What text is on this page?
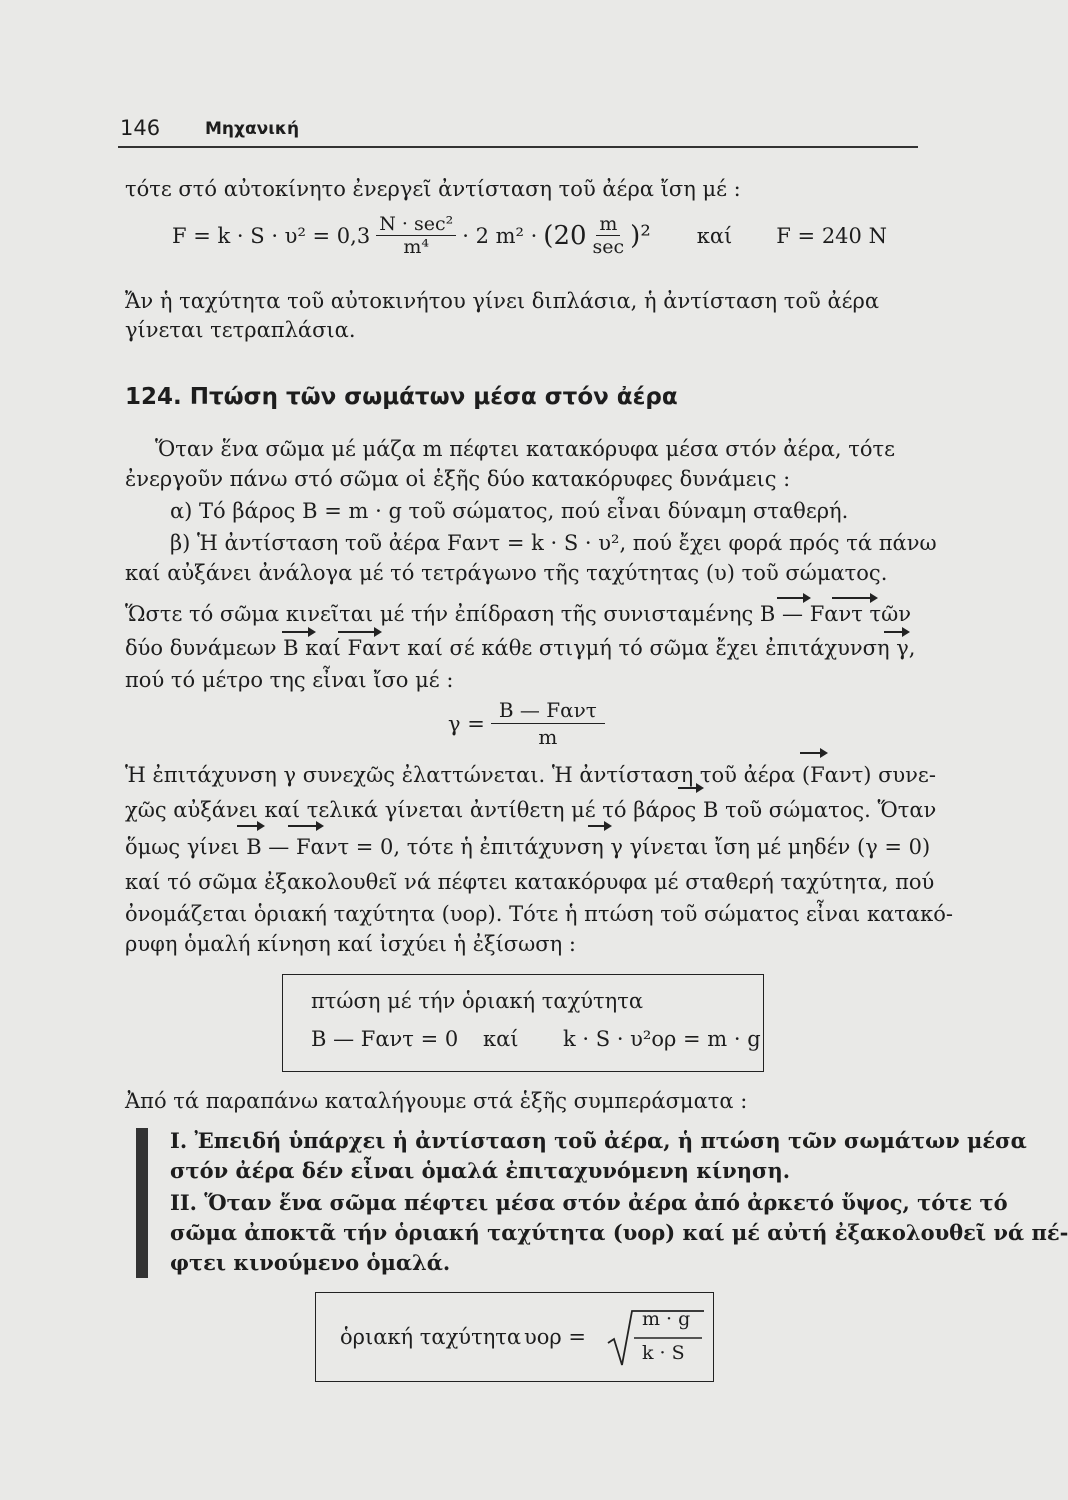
146	Μηχανική
τότε στό αὐτοκίνητο ἐνεργεῖ ἀντίσταση τοῦ ἀέρα ἴση μέ :
$F = k \cdot S \cdot \upsilon^2 = 0,3 \frac{\text{N · sec²}}{\text{m⁴}} \cdot 2$ $m^2 \cdot (20 \frac{m}{\sec} )^2$ καί F = 240 N
Ἄν ἡ ταχύτητα τοῦ αὐτοκινήτου γίνει διπλάσια, ἡ ἀντίσταση τοῦ ἀέρα
γίνεται τετραπλάσια.
124. Πτώση τῶν σωμάτων μέσα στόν ἀέρα
Ὅταν ἕνα σῶμα μέ μάζα m πέφτει κατακόρυφα μέσα στόν ἀέρα, τότε
ἐνεργοῦν πάνω στό σῶμα οἱ ἑξῆς δύο κατακόρυφες δυνάμεις :
α) Τό βάρος B = m · g τοῦ σώματος, πού εἶναι δύναμη σταθερή.
β) Ἡ ἀντίσταση τοῦ ἀέρα Fαντ = k · S · υ², πού ἔχει φορά πρός τά πάνω
καί αὐξάνει ἀνάλογα μέ τό τετράγωνο τῆς ταχύτητας (υ) τοῦ σώματος.
Ὥστε τό σῶμα κινεῖται μέ τήν ἐπίδραση τῆς συνισταμένης B — Fαντ τῶν
δύο δυνάμεων B καί Fαντ καί σέ κάθε στιγμή τό σῶμα ἔχει ἐπιτάχυνση γ,
πού τό μέτρο της εἶναι ἴσο μέ :
$\gamma = \frac{\text{B — Fαντ}}{m}$
Ἡ ἐπιτάχυνση γ συνεχῶς ἐλαττώνεται. Ἡ ἀντίσταση τοῦ ἀέρα (Fαντ) συνε-
χῶς αὐξάνει καί τελικά γίνεται ἀντίθετη μέ τό βάρος B τοῦ σώματος. Ὅταν
ὅμως γίνει B — Fαντ = 0, τότε ἡ ἐπιτάχυνση γ γίνεται ἴση μέ μηδέν (γ = 0)
καί τό σῶμα ἐξακολουθεῖ νά πέφτει κατακόρυφα μέ σταθερή ταχύτητα, πού
ὀνομάζεται ὁριακή ταχύτητα (υορ). Τότε ἡ πτώση τοῦ σώματος εἶναι κατακό-
ρυφη ὁμαλή κίνηση καί ἰσχύει ἡ ἐξίσωση :
πτώση μέ τήν ὁριακή ταχύτητα
B — Fαντ = 0 καί k · S · υ²ορ = m · g
Ἀπό τά παραπάνω καταλήγουμε στά ἑξῆς συμπεράσματα :
I. Ἐπειδή ὑπάρχει ἡ ἀντίσταση τοῦ ἀέρα, ἡ πτώση τῶν σωμάτων μέσα
στόν ἀέρα δέν εἶναι ὁμαλά ἐπιταχυνόμενη κίνηση.
II. Ὅταν ἕνα σῶμα πέφτει μέσα στόν ἀέρα ἀπό ἀρκετό ὕψος, τότε τό
σῶμα ἀποκτᾶ τήν ὁριακή ταχύτητα (υορ) καί μέ αὐτή ἐξακολουθεῖ νά πέ-
φτει κινούμενο ὁμαλά.
ὁριακή ταχύτητα υορ =
m · g
k · S
